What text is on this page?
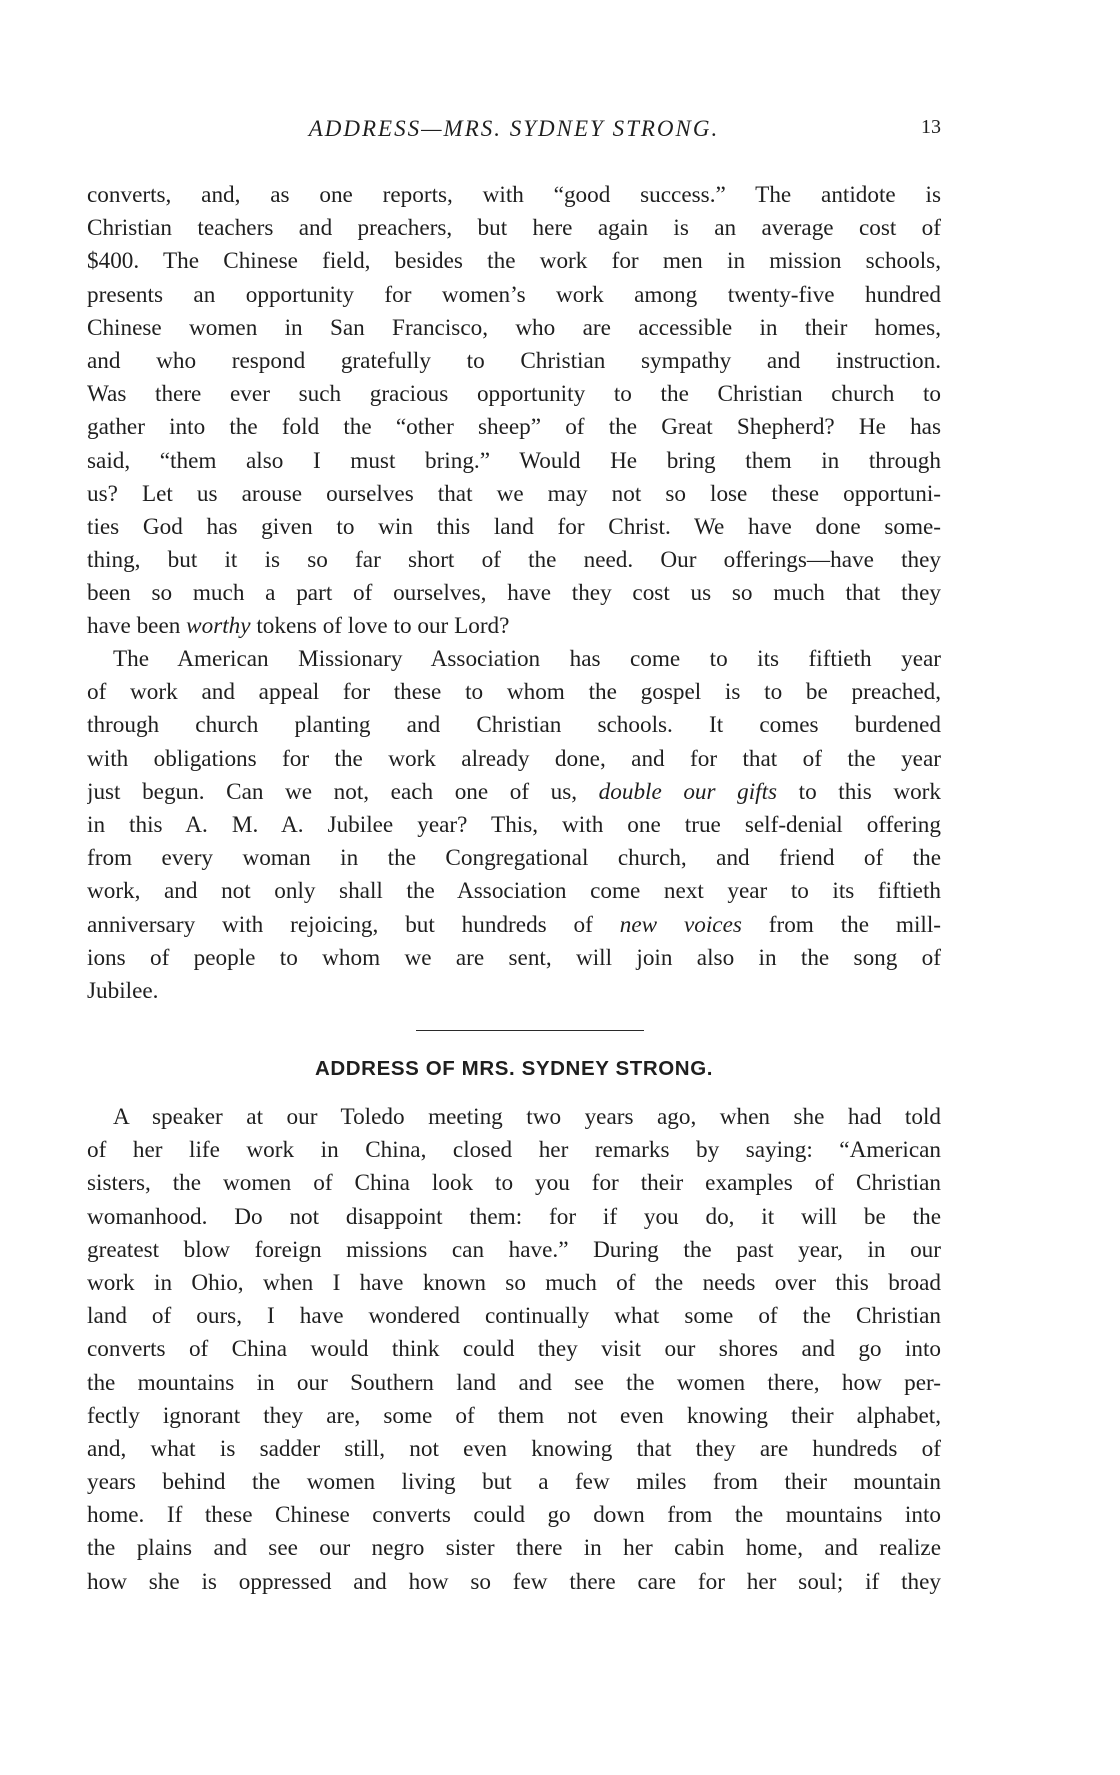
ADDRESS—MRS. SYDNEY STRONG.	13
converts, and, as one reports, with “good success.” The antidote is
Christian teachers and preachers, but here again is an average cost of
$400. The Chinese field, besides the work for men in mission schools,
presents an opportunity for women’s work among twenty-five hundred
Chinese women in San Francisco, who are accessible in their homes,
and who respond gratefully to Christian sympathy and instruction.
Was there ever such gracious opportunity to the Christian church to
gather into the fold the “other sheep” of the Great Shepherd? He has
said, “them also I must bring.” Would He bring them in through
us? Let us arouse ourselves that we may not so lose these opportuni-
ties God has given to win this land for Christ. We have done some-
thing, but it is so far short of the need. Our offerings—have they
been so much a part of ourselves, have they cost us so much that they
have been worthy tokens of love to our Lord?
The American Missionary Association has come to its fiftieth year
of work and appeal for these to whom the gospel is to be preached,
through church planting and Christian schools. It comes burdened
with obligations for the work already done, and for that of the year
just begun. Can we not, each one of us, double our gifts to this work
in this A. M. A. Jubilee year? This, with one true self-denial offering
from every woman in the Congregational church, and friend of the
work, and not only shall the Association come next year to its fiftieth
anniversary with rejoicing, but hundreds of new voices from the mill-
ions of people to whom we are sent, will join also in the song of
Jubilee.
ADDRESS OF MRS. SYDNEY STRONG.
A speaker at our Toledo meeting two years ago, when she had told
of her life work in China, closed her remarks by saying: “American
sisters, the women of China look to you for their examples of Christian
womanhood. Do not disappoint them: for if you do, it will be the
greatest blow foreign missions can have.” During the past year, in our
work in Ohio, when I have known so much of the needs over this broad
land of ours, I have wondered continually what some of the Christian
converts of China would think could they visit our shores and go into
the mountains in our Southern land and see the women there, how per-
fectly ignorant they are, some of them not even knowing their alphabet,
and, what is sadder still, not even knowing that they are hundreds of
years behind the women living but a few miles from their mountain
home. If these Chinese converts could go down from the mountains into
the plains and see our negro sister there in her cabin home, and realize
how she is oppressed and how so few there care for her soul; if they
